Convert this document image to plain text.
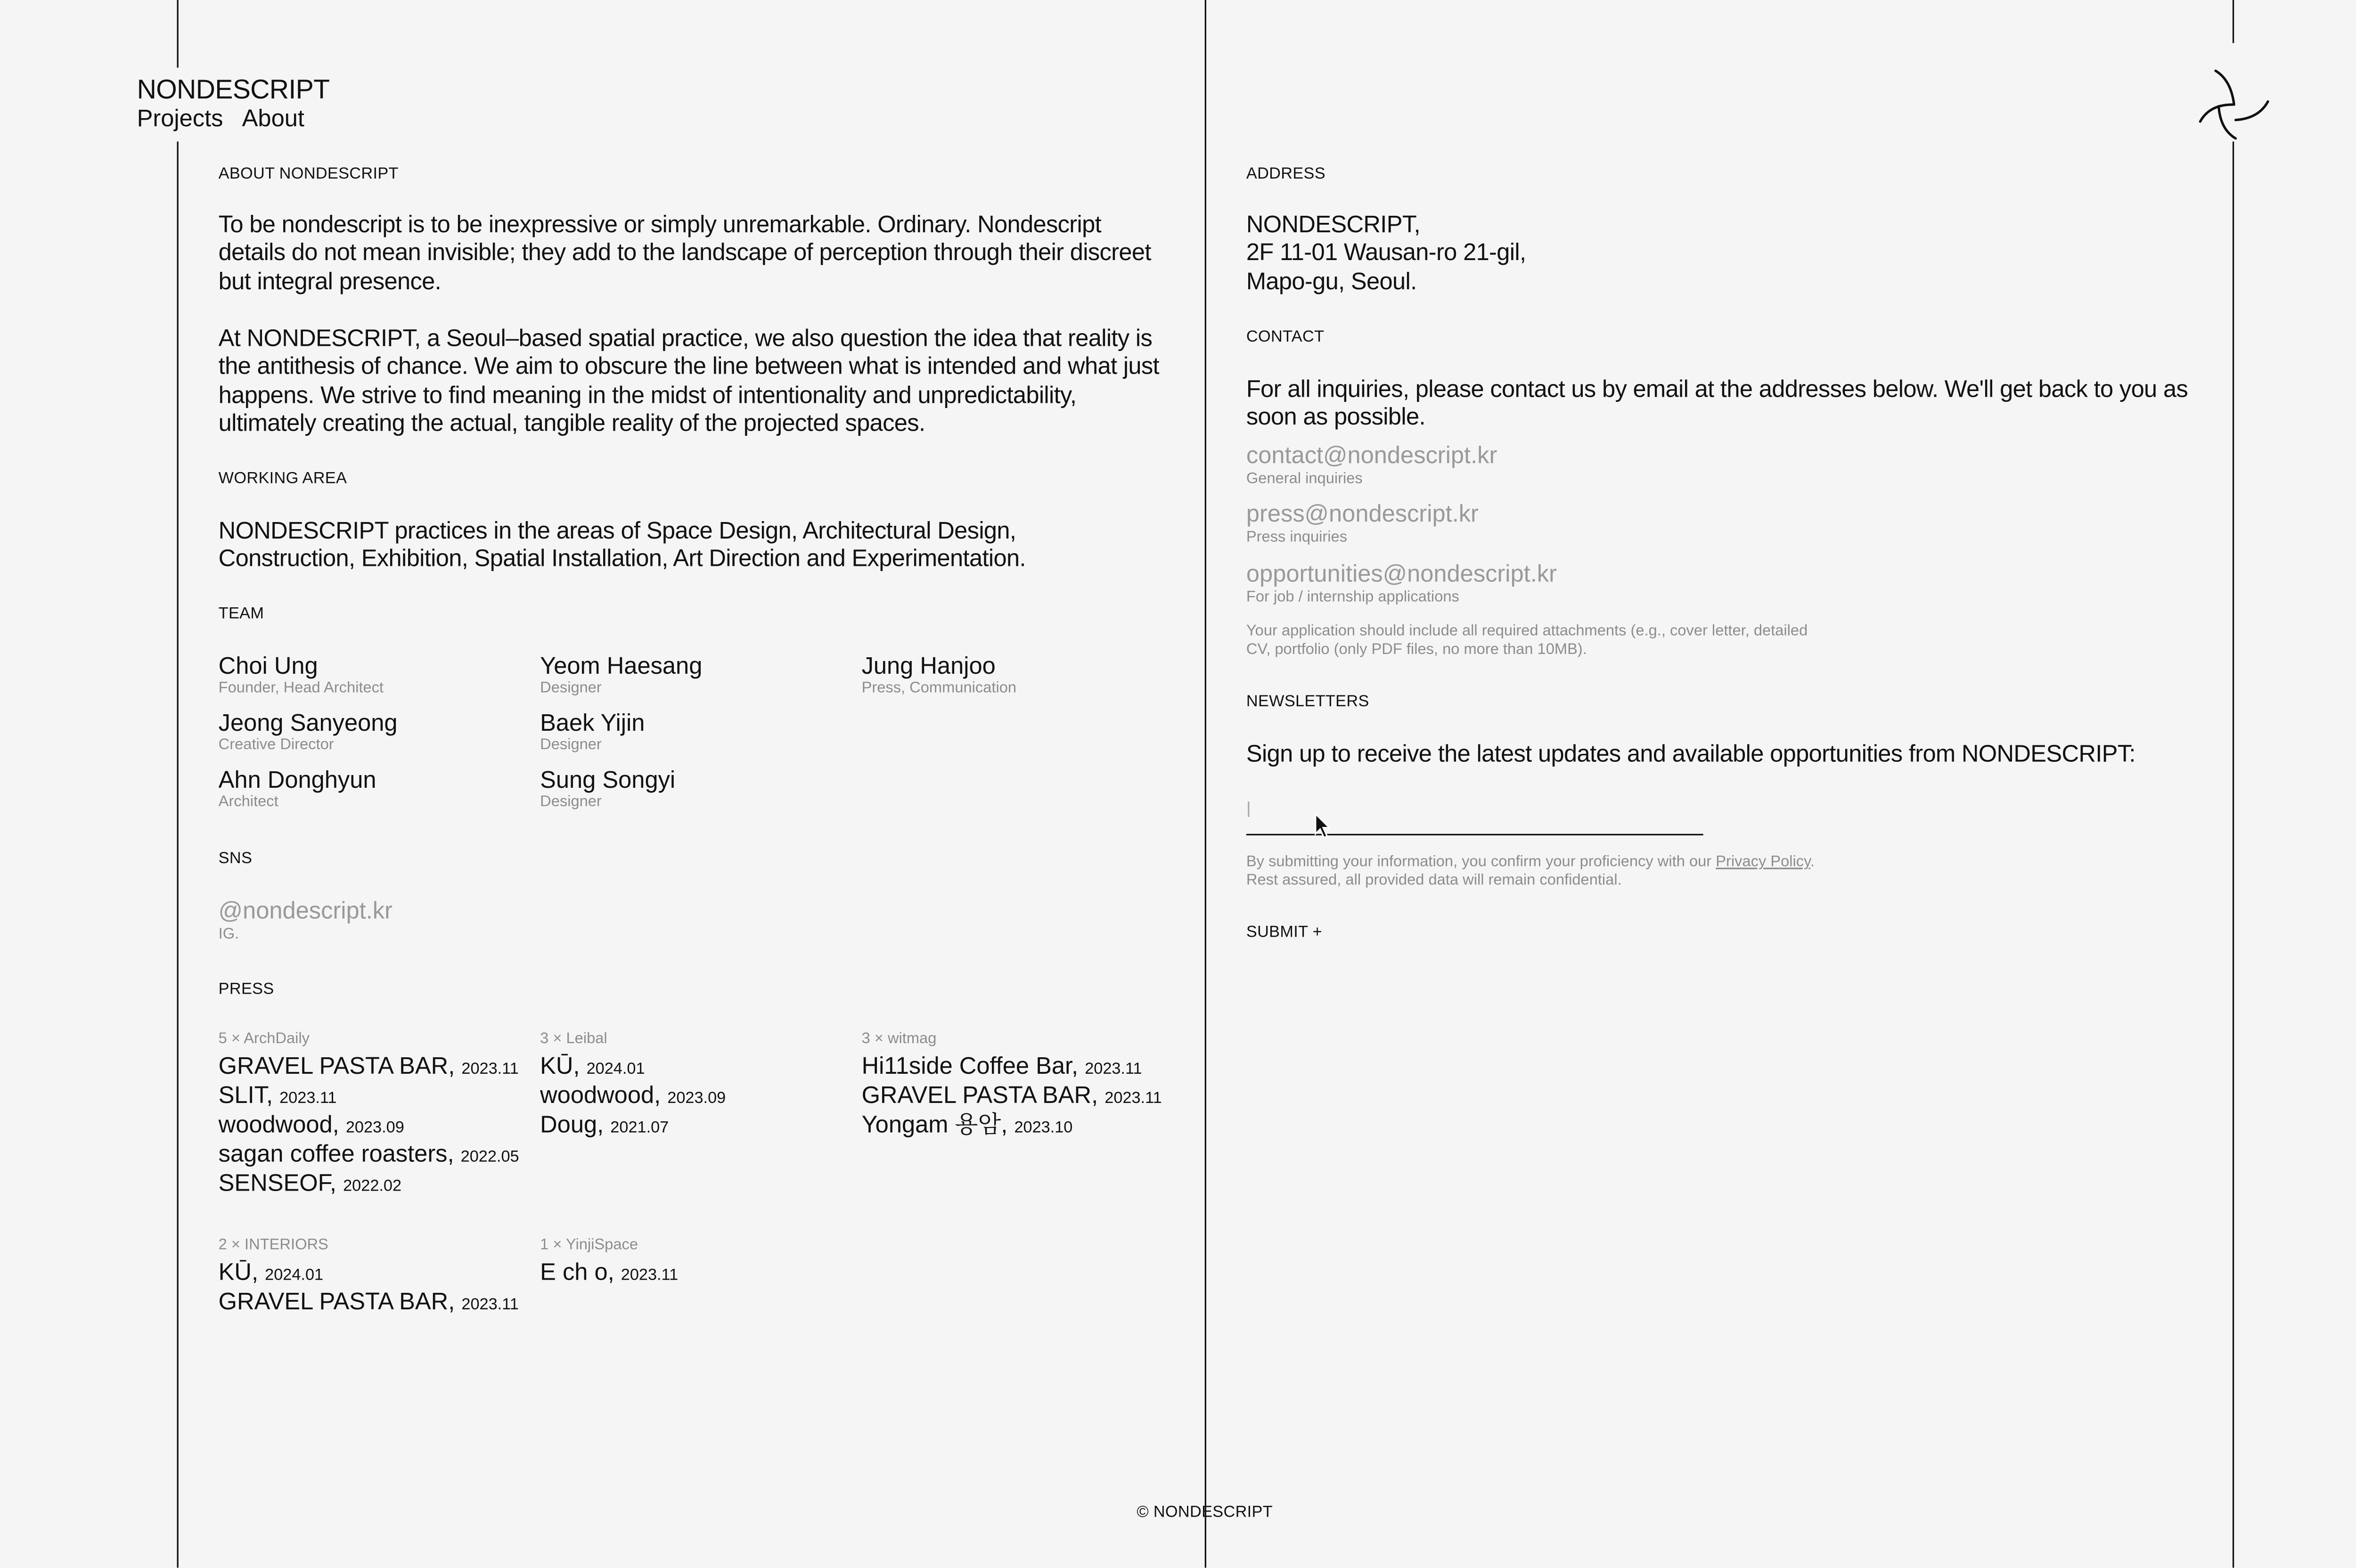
NONDESCRIPT
Projects	About
ABOUT NONDESCRIPT
To be nondescript is to be inexpressive or simply unremarkable. Ordinary. Nondescript details do not mean invisible; they add to the landscape of perception through their discreet but integral presence.
At NONDESCRIPT, a Seoul–based spatial practice, we also question the idea that reality is the antithesis of chance. We aim to obscure the line between what is intended and what just happens. We strive to find meaning in the midst of intentionality and unpredictability, ultimately creating the actual, tangible reality of the projected spaces.
WORKING AREA
NONDESCRIPT practices in the areas of Space Design, Architectural Design, Construction, Exhibition, Spatial Installation, Art Direction and Experimentation.
TEAM
Choi Ung
Founder, Head Architect
Yeom Haesang
Designer
Jung Hanjoo
Press, Communication
Jeong Sanyeong
Creative Director
Baek Yijin
Designer
Ahn Donghyun
Architect
Sung Songyi
Designer
SNS
@nondescript.kr
IG.
PRESS
5 × ArchDaily
GRAVEL PASTA BAR, 2023.11
SLIT, 2023.11
woodwood, 2023.09
sagan coffee roasters, 2022.05
SENSEOF, 2022.02
3 × Leibal
KŪ, 2024.01
woodwood, 2023.09
Doug, 2021.07
3 × witmag
Hi11side Coffee Bar, 2023.11
GRAVEL PASTA BAR, 2023.11
Yongam 용암, 2023.10
2 × INTERIORS
KŪ, 2024.01
GRAVEL PASTA BAR, 2023.11
1 × YinjiSpace
E ch o, 2023.11
ADDRESS
NONDESCRIPT,
2F 11-01 Wausan-ro 21-gil,
Mapo-gu, Seoul.
CONTACT
For all inquiries, please contact us by email at the addresses below. We'll get back to you as soon as possible.
contact@nondescript.kr
General inquiries
press@nondescript.kr
Press inquiries
opportunities@nondescript.kr
For job / internship applications
Your application should include all required attachments (e.g., cover letter, detailed CV, portfolio (only PDF files, no more than 10MB).
NEWSLETTERS
Sign up to receive the latest updates and available opportunities from NONDESCRIPT:
By submitting your information, you confirm your proficiency with our Privacy Policy.
Rest assured, all provided data will remain confidential.
SUBMIT +
© NONDESCRIPT
